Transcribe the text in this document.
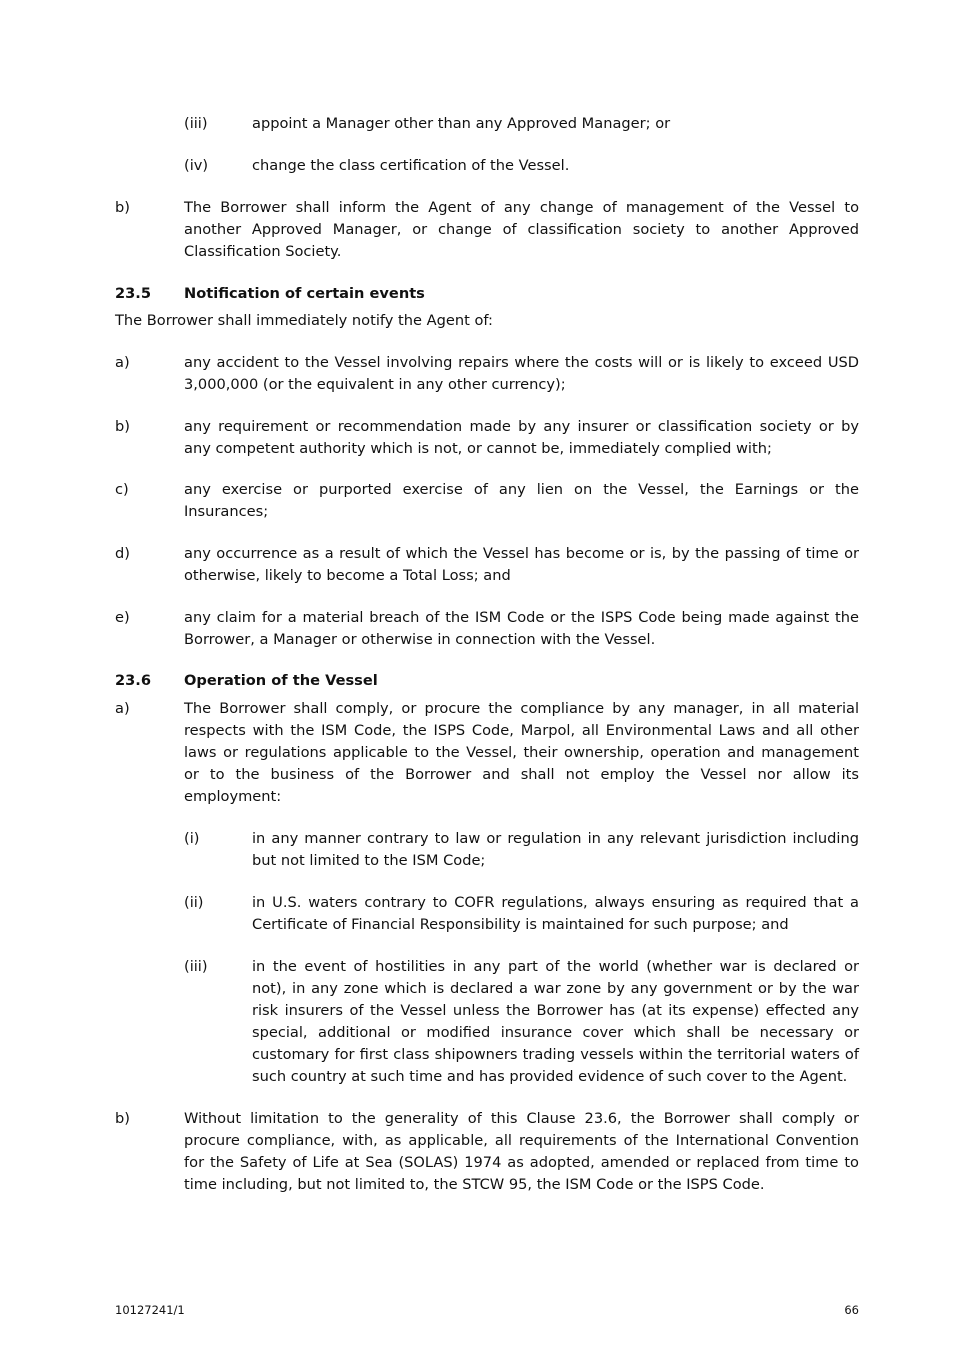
(iii)	appoint a Manager other than any Approved Manager; or
(iv)	change the class certification of the Vessel.
b)	The Borrower shall inform the Agent of any change of management of the Vessel to
another Approved Manager, or change of classification society to another Approved
Classification Society.
23.5 Notification of certain events
The Borrower shall immediately notify the Agent of:
a)	any accident to the Vessel involving repairs where the costs will or is likely to exceed USD
3,000,000 (or the equivalent in any other currency);
b)	any requirement or recommendation made by any insurer or classification society or by
any competent authority which is not, or cannot be, immediately complied with;
c)	any exercise or purported exercise of any lien on the Vessel, the Earnings or the
Insurances;
d)	any occurrence as a result of which the Vessel has become or is, by the passing of time or
otherwise, likely to become a Total Loss; and
e)	any claim for a material breach of the ISM Code or the ISPS Code being made against the
Borrower, a Manager or otherwise in connection with the Vessel.
23.6 Operation of the Vessel
a)	The Borrower shall comply, or procure the compliance by any manager, in all material
respects with the ISM Code, the ISPS Code, Marpol, all Environmental Laws and all other
laws or regulations applicable to the Vessel, their ownership, operation and management
or to the business of the Borrower and shall not employ the Vessel nor allow its
employment:
(i)	in any manner contrary to law or regulation in any relevant jurisdiction including
but not limited to the ISM Code;
(ii)	in U.S. waters contrary to COFR regulations, always ensuring as required that a
Certificate of Financial Responsibility is maintained for such purpose; and
(iii)	in the event of hostilities in any part of the world (whether war is declared or
not), in any zone which is declared a war zone by any government or by the war
risk insurers of the Vessel unless the Borrower has (at its expense) effected any
special, additional or modified insurance cover which shall be necessary or
customary for first class shipowners trading vessels within the territorial waters of
such country at such time and has provided evidence of such cover to the Agent.
b)	Without limitation to the generality of this Clause 23.6, the Borrower shall comply or
procure compliance, with, as applicable, all requirements of the International Convention
for the Safety of Life at Sea (SOLAS) 1974 as adopted, amended or replaced from time to
time including, but not limited to, the STCW 95, the ISM Code or the ISPS Code.
10127241/1	66
